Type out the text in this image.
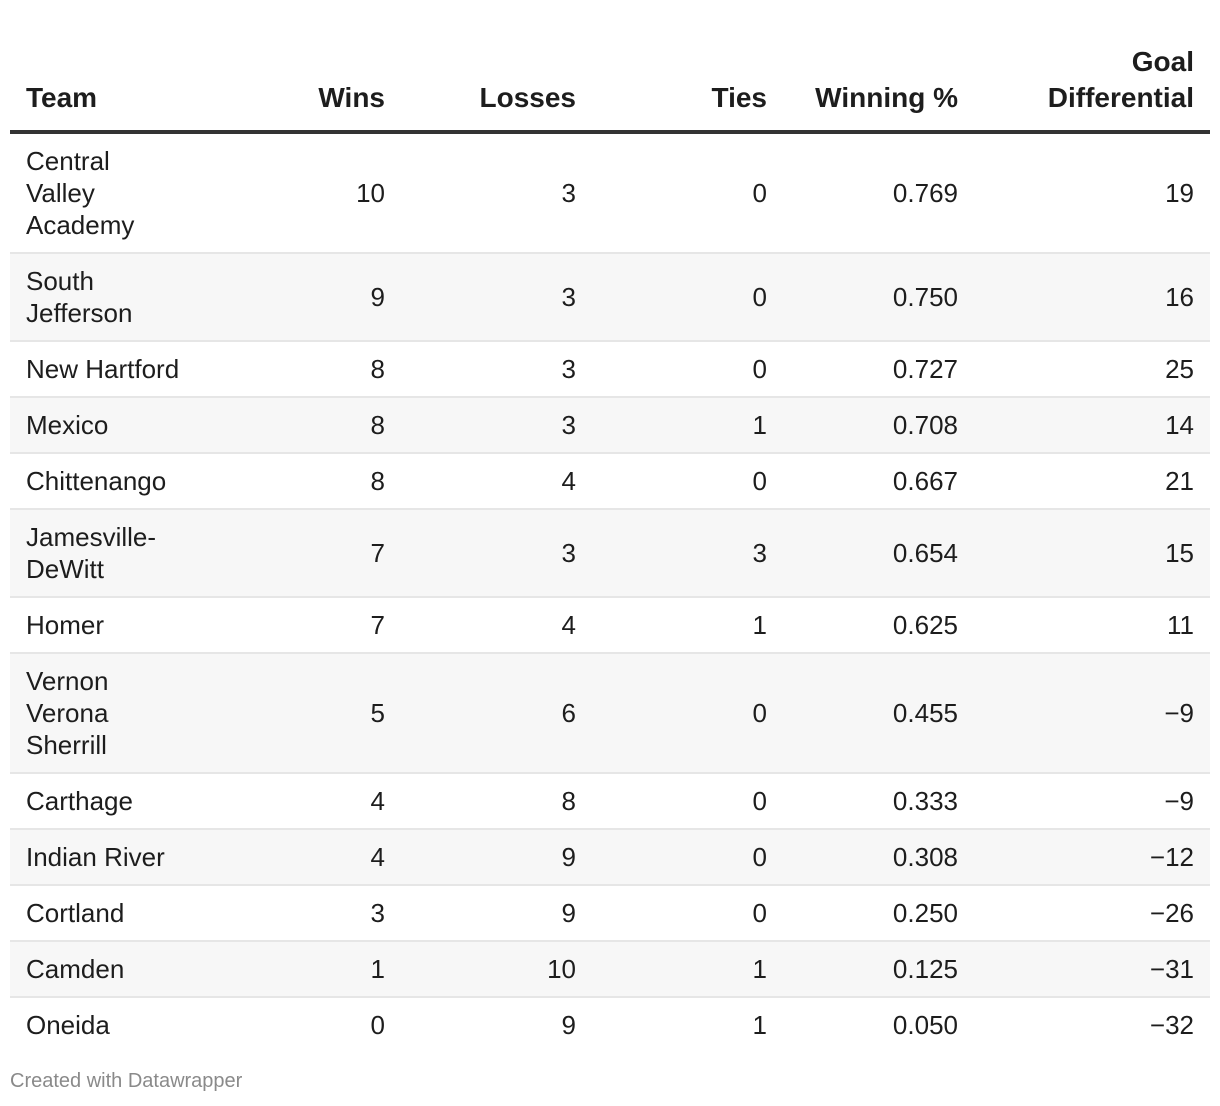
Team	Wins	Losses	Ties	Winning %	Goal Differential
Central Valley Academy	10	3	0	0.769	19
South Jefferson	9	3	0	0.750	16
New Hartford	8	3	0	0.727	25
Mexico	8	3	1	0.708	14
Chittenango	8	4	0	0.667	21
Jamesville-DeWitt	7	3	3	0.654	15
Homer	7	4	1	0.625	11
Vernon Verona Sherrill	5	6	0	0.455	−9
Carthage	4	8	0	0.333	−9
Indian River	4	9	0	0.308	−12
Cortland	3	9	0	0.250	−26
Camden	1	10	1	0.125	−31
Oneida	0	9	1	0.050	−32
Created with Datawrapper
